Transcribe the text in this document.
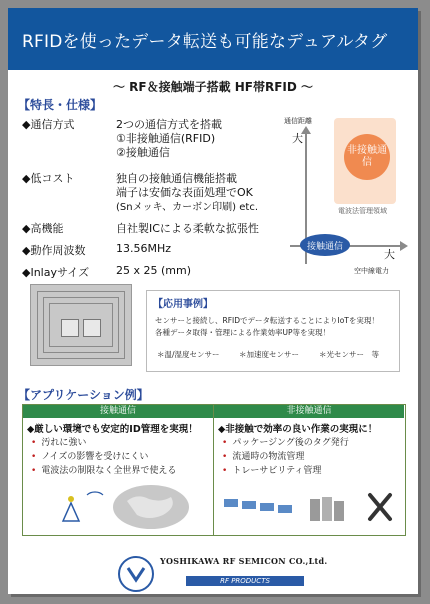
RFIDを使ったデータ転送も可能なデュアルタグ
〜 RF＆接触端子搭載 HF帯RFID 〜
【特長・仕様】
◆通信方式	2つの通信方式を搭載
①非接触通信(RFID)
②接触通信
◆低コスト	独自の接触通信機能搭載
端子は安価な表面処理でOK
(Snメッキ、カーボン印刷) etc.
◆高機能	自社製ICによる柔軟な拡張性
◆動作周波数	13.56MHz
◆Inlayサイズ 25 x 25 (mm)
通信距離
大
大
空中線電力
非接触通信
電波法管理領域
接触通信
【応用事例】
センサーと接続し、RFIDでデータ転送することによりIoTを実現！
各種データ取得・管理による作業効率UP等を実現！
＊温/湿度センサー	＊加速度センサー	＊光センサー　等
【アプリケーション例】
接触通信
◆厳しい環境でも安定的ID管理を実現！
• 汚れに強い
• ノイズの影響を受けにくい
• 電波法の制限なく全世界で使える
非接触通信
◆非接触で効率の良い作業の実現に！
• パッケージング後のタグ発行
• 流通時の物流管理
• トレーサビリティ管理
YOSHIKAWA RF SEMICON CO.,Ltd.
RF PRODUCTS
